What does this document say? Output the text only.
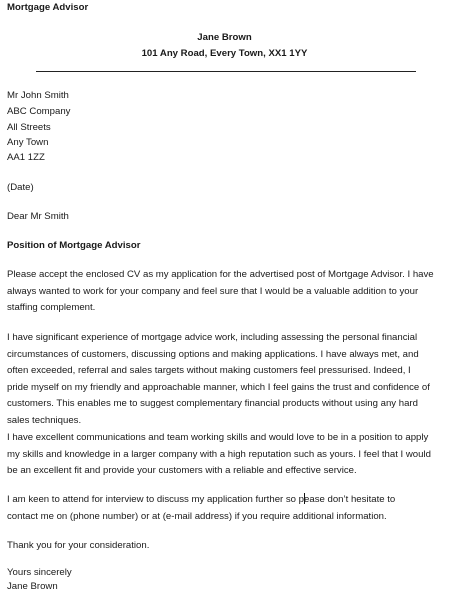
Mortgage Advisor
Jane Brown
101 Any Road, Every Town, XX1 1YY
Mr John Smith
ABC Company
All Streets
Any Town
AA1 1ZZ
(Date)
Dear Mr Smith
Position of Mortgage Advisor
Please accept the enclosed CV as my application for the advertised post of Mortgage Advisor. I have
always wanted to work for your company and feel sure that I would be a valuable addition to your
staffing complement.
I have significant experience of mortgage advice work, including assessing the personal financial
circumstances of customers, discussing options and making applications. I have always met, and
often exceeded, referral and sales targets without making customers feel pressurised. Indeed, I
pride myself on my friendly and approachable manner, which I feel gains the trust and confidence of
customers. This enables me to suggest complementary financial products without using any hard
sales techniques.
I have excellent communications and team working skills and would love to be in a position to apply
my skills and knowledge in a larger company with a high reputation such as yours. I feel that I would
be an excellent fit and provide your customers with a reliable and effective service.
I am keen to attend for interview to discuss my application further so pease don’t hesitate to
contact me on (phone number) or at (e-mail address) if you require additional information.
Thank you for your consideration.
Yours sincerely
Jane Brown
